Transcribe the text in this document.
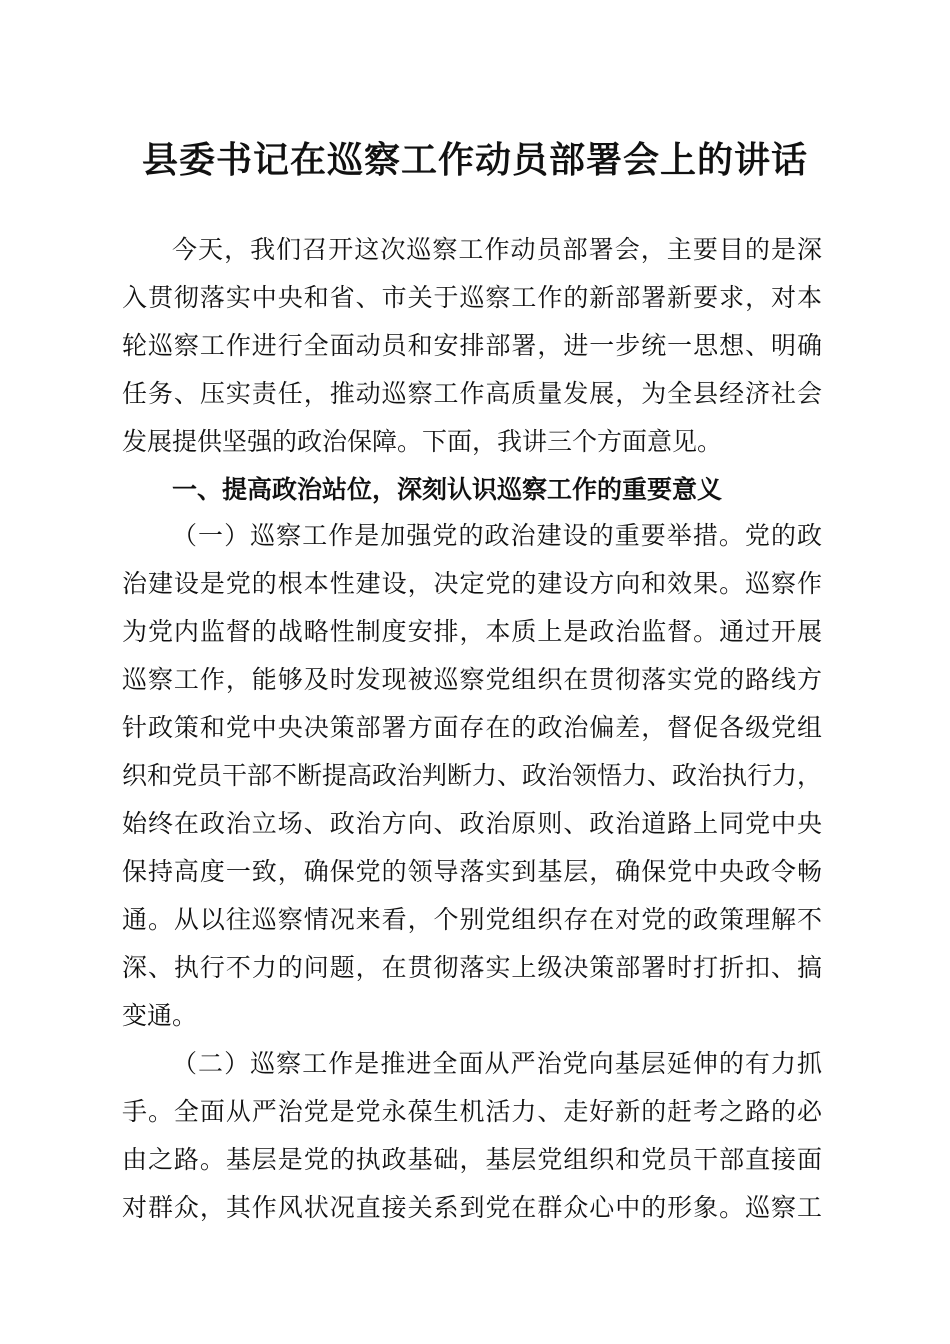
县委书记在巡察工作动员部署会上的讲话
今天，我们召开这次巡察工作动员部署会，主要目的是深
入贯彻落实中央和省、市关于巡察工作的新部署新要求，对本
轮巡察工作进行全面动员和安排部署，进一步统一思想、明确
任务、压实责任，推动巡察工作高质量发展，为全县经济社会
发展提供坚强的政治保障。下面，我讲三个方面意见。
一、提高政治站位，深刻认识巡察工作的重要意义
（一）巡察工作是加强党的政治建设的重要举措。党的政
治建设是党的根本性建设，决定党的建设方向和效果。巡察作
为党内监督的战略性制度安排，本质上是政治监督。通过开展
巡察工作，能够及时发现被巡察党组织在贯彻落实党的路线方
针政策和党中央决策部署方面存在的政治偏差，督促各级党组
织和党员干部不断提高政治判断力、政治领悟力、政治执行力，
始终在政治立场、政治方向、政治原则、政治道路上同党中央
保持高度一致，确保党的领导落实到基层，确保党中央政令畅
通。从以往巡察情况来看，个别党组织存在对党的政策理解不
深、执行不力的问题，在贯彻落实上级决策部署时打折扣、搞
变通。
（二）巡察工作是推进全面从严治党向基层延伸的有力抓
手。全面从严治党是党永葆生机活力、走好新的赶考之路的必
由之路。基层是党的执政基础，基层党组织和党员干部直接面
对群众，其作风状况直接关系到党在群众心中的形象。巡察工
